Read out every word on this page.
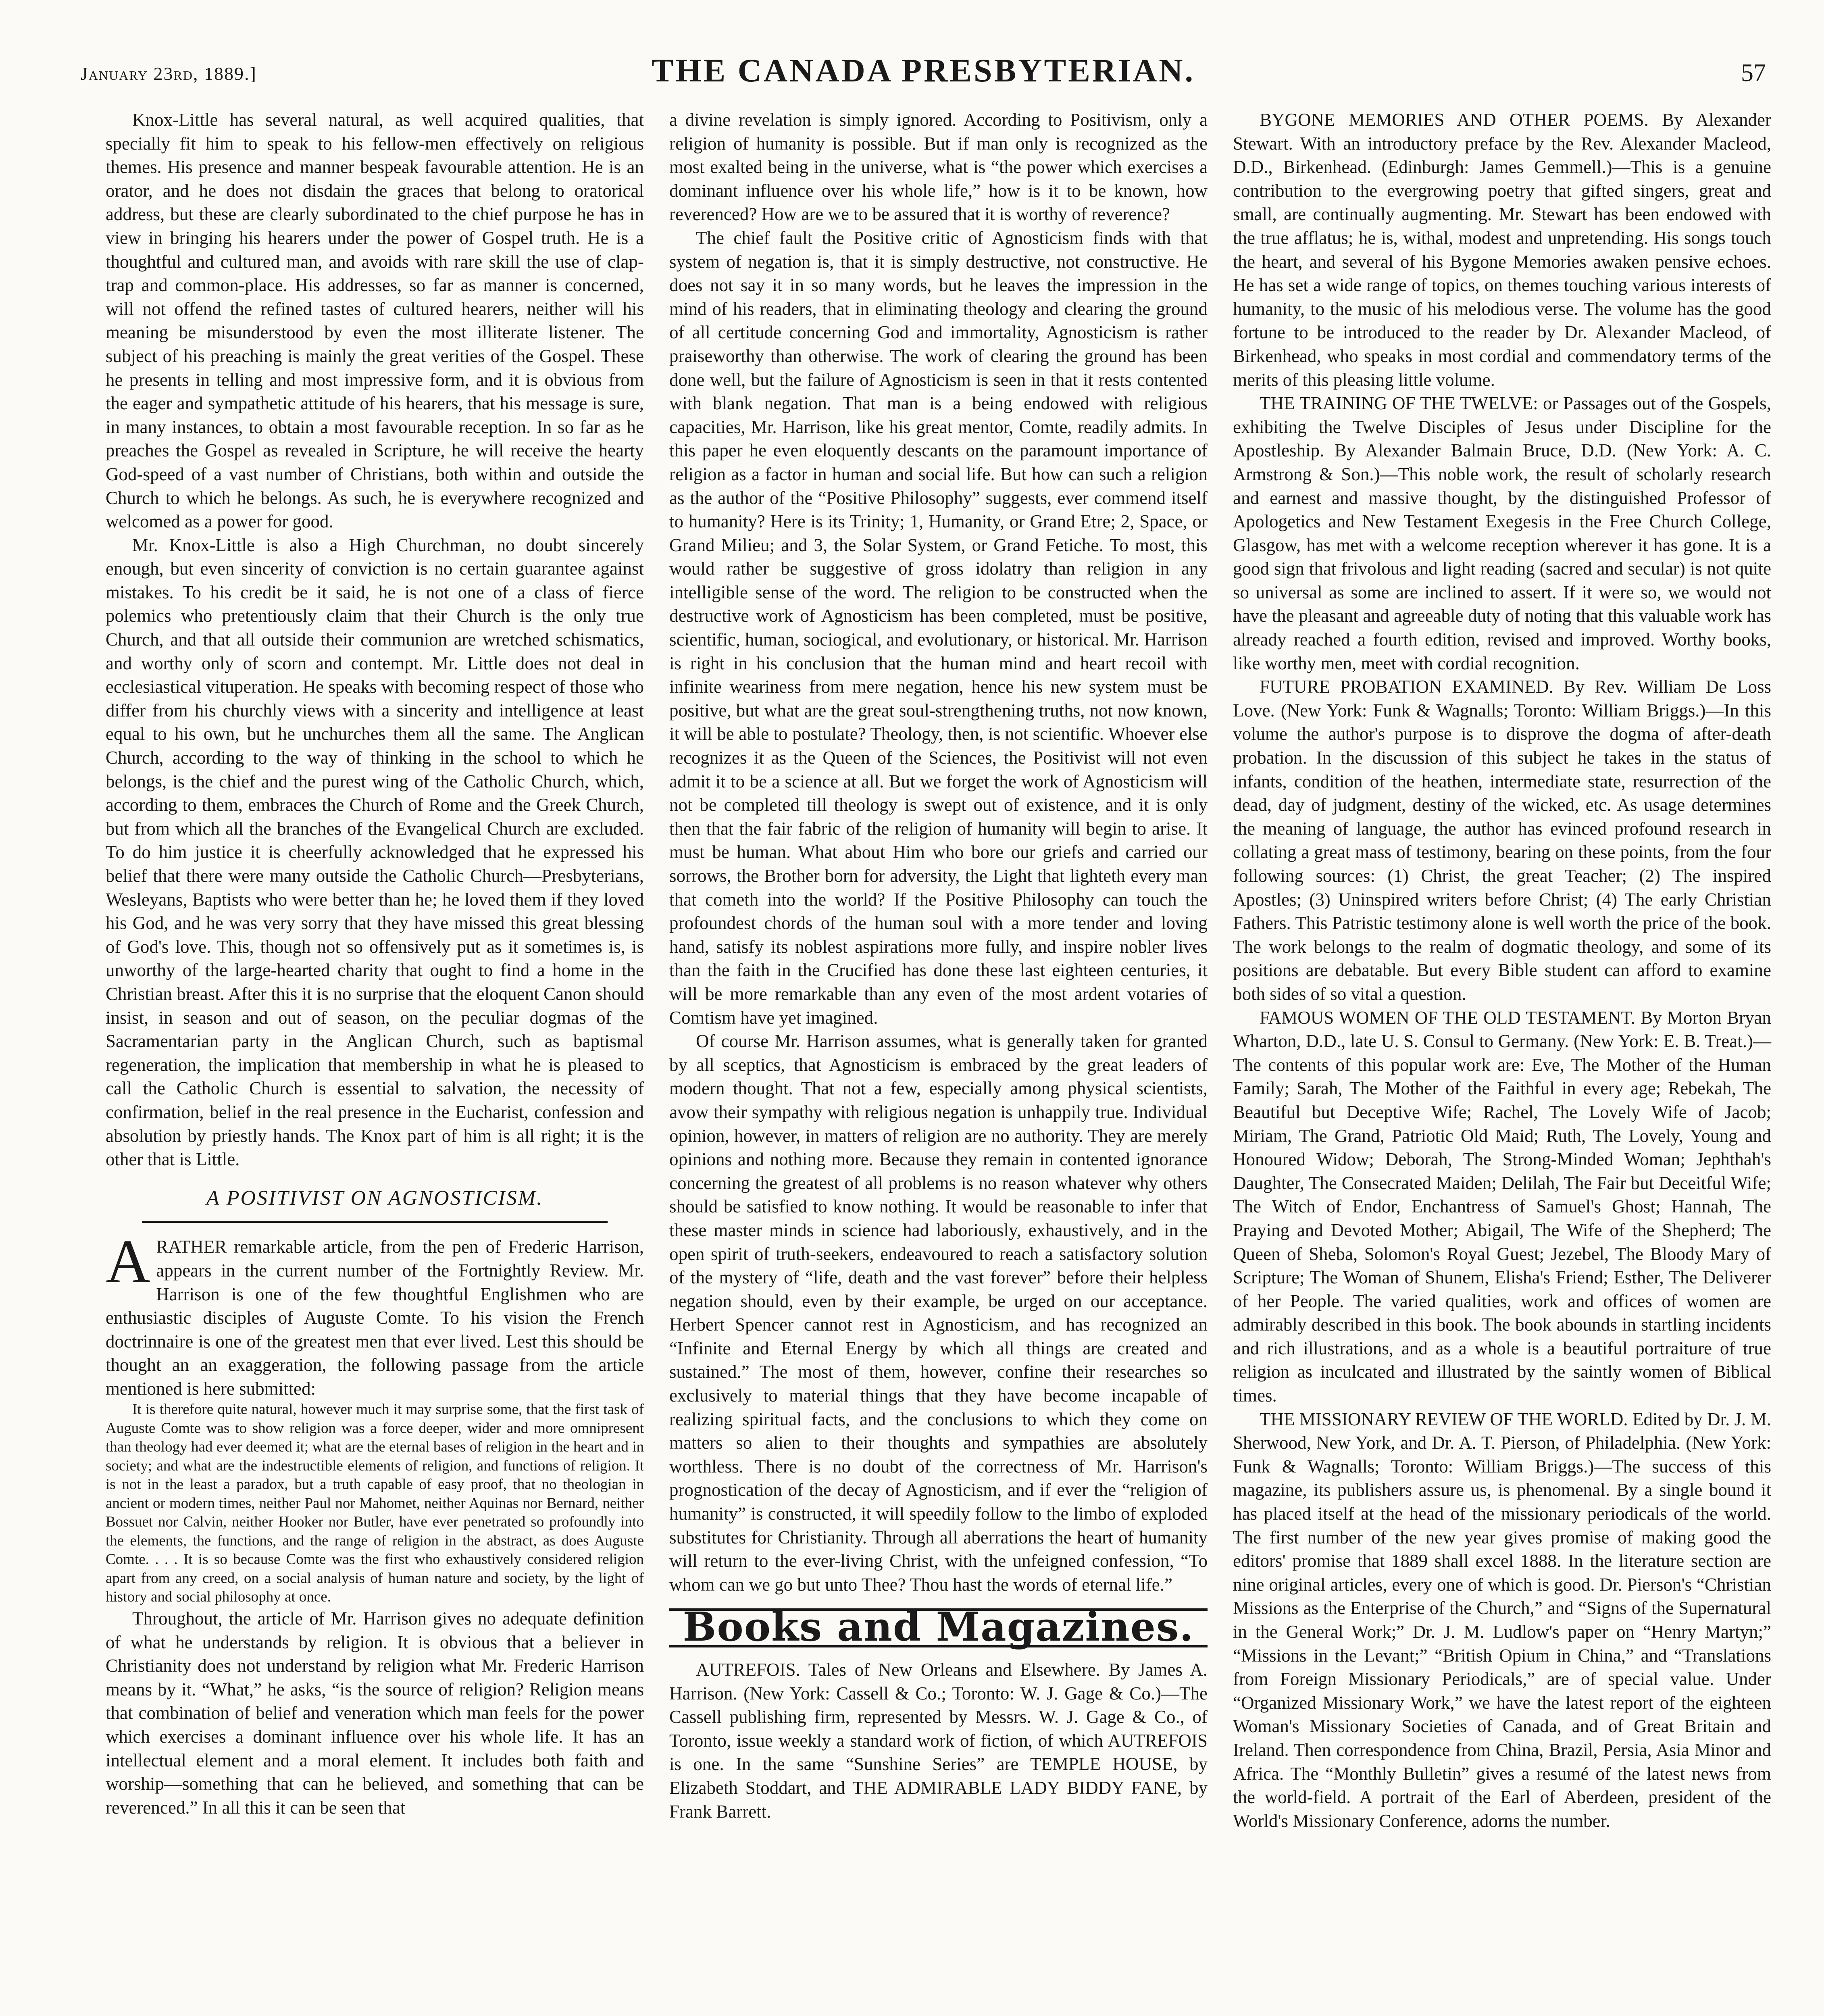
January 23rd, 1889.]	THE CANADA PRESBYTERIAN.	57

Knox-Little has several natural, as well acquired qualities, that specially fit him to speak to his fellow-men effectively on religious themes. His presence and manner bespeak favourable attention. He is an orator, and he does not disdain the graces that belong to oratorical address, but these are clearly subordinated to the chief purpose he has in view in bringing his hearers under the power of Gospel truth. He is a thoughtful and cultured man, and avoids with rare skill the use of clap-trap and common-place. His addresses, so far as manner is concerned, will not offend the refined tastes of cultured hearers, neither will his meaning be misunderstood by even the most illiterate listener. The subject of his preaching is mainly the great verities of the Gospel. These he presents in telling and most impressive form, and it is obvious from the eager and sympathetic attitude of his hearers, that his message is sure, in many instances, to obtain a most favourable reception. In so far as he preaches the Gospel as revealed in Scripture, he will receive the hearty God-speed of a vast number of Christians, both within and outside the Church to which he belongs. As such, he is everywhere recognized and welcomed as a power for good.

Mr. Knox-Little is also a High Churchman, no doubt sincerely enough, but even sincerity of conviction is no certain guarantee against mistakes. To his credit be it said, he is not one of a class of fierce polemics who pretentiously claim that their Church is the only true Church, and that all outside their communion are wretched schismatics, and worthy only of scorn and contempt. Mr. Little does not deal in ecclesiastical vituperation. He speaks with becoming respect of those who differ from his churchly views with a sincerity and intelligence at least equal to his own, but he unchurches them all the same. The Anglican Church, according to the way of thinking in the school to which he belongs, is the chief and the purest wing of the Catholic Church, which, according to them, embraces the Church of Rome and the Greek Church, but from which all the branches of the Evangelical Church are excluded. To do him justice it is cheerfully acknowledged that he expressed his belief that there were many outside the Catholic Church—Presbyterians, Wesleyans, Baptists who were better than he; he loved them if they loved his God, and he was very sorry that they have missed this great blessing of God's love. This, though not so offensively put as it sometimes is, is unworthy of the large-hearted charity that ought to find a home in the Christian breast. After this it is no surprise that the eloquent Canon should insist, in season and out of season, on the peculiar dogmas of the Sacramentarian party in the Anglican Church, such as baptismal regeneration, the implication that membership in what he is pleased to call the Catholic Church is essential to salvation, the necessity of confirmation, belief in the real presence in the Eucharist, confession and absolution by priestly hands. The Knox part of him is all right; it is the other that is Little.

A POSITIVIST ON AGNOSTICISM.

ARATHER remarkable article, from the pen of Frederic Harrison, appears in the current number of the Fortnightly Review. Mr. Harrison is one of the few thoughtful Englishmen who are enthusiastic disciples of Auguste Comte. To his vision the French doctrinnaire is one of the greatest men that ever lived. Lest this should be thought an an exaggeration, the following passage from the article mentioned is here submitted:

It is therefore quite natural, however much it may surprise some, that the first task of Auguste Comte was to show religion was a force deeper, wider and more omnipresent than theology had ever deemed it; what are the eternal bases of religion in the heart and in society; and what are the indestructible elements of religion, and functions of religion. It is not in the least a paradox, but a truth capable of easy proof, that no theologian in ancient or modern times, neither Paul nor Mahomet, neither Aquinas nor Bernard, neither Bossuet nor Calvin, neither Hooker nor Butler, have ever penetrated so profoundly into the elements, the functions, and the range of religion in the abstract, as does Auguste Comte. . . . It is so because Comte was the first who exhaustively considered religion apart from any creed, on a social analysis of human nature and society, by the light of history and social philosophy at once.

Throughout, the article of Mr. Harrison gives no adequate definition of what he understands by religion. It is obvious that a believer in Christianity does not understand by religion what Mr. Frederic Harrison means by it. “What,” he asks, “is the source of religion? Religion means that combination of belief and veneration which man feels for the power which exercises a dominant influence over his whole life. It has an intellectual element and a moral element. It includes both faith and worship—something that can he believed, and something that can be reverenced.” In all this it can be seen that

a divine revelation is simply ignored. According to Positivism, only a religion of humanity is possible. But if man only is recognized as the most exalted being in the universe, what is “the power which exercises a dominant influence over his whole life,” how is it to be known, how reverenced? How are we to be assured that it is worthy of reverence?

The chief fault the Positive critic of Agnosticism finds with that system of negation is, that it is simply destructive, not constructive. He does not say it in so many words, but he leaves the impression in the mind of his readers, that in eliminating theology and clearing the ground of all certitude concerning God and immortality, Agnosticism is rather praiseworthy than otherwise. The work of clearing the ground has been done well, but the failure of Agnosticism is seen in that it rests contented with blank negation. That man is a being endowed with religious capacities, Mr. Harrison, like his great mentor, Comte, readily admits. In this paper he even eloquently descants on the paramount importance of religion as a factor in human and social life. But how can such a religion as the author of the “Positive Philosophy” suggests, ever commend itself to humanity? Here is its Trinity; 1, Humanity, or Grand Etre; 2, Space, or Grand Milieu; and 3, the Solar System, or Grand Fetiche. To most, this would rather be suggestive of gross idolatry than religion in any intelligible sense of the word. The religion to be constructed when the destructive work of Agnosticism has been completed, must be positive, scientific, human, sociogical, and evolutionary, or historical. Mr. Harrison is right in his conclusion that the human mind and heart recoil with infinite weariness from mere negation, hence his new system must be positive, but what are the great soul-strengthening truths, not now known, it will be able to postulate? Theology, then, is not scientific. Whoever else recognizes it as the Queen of the Sciences, the Positivist will not even admit it to be a science at all. But we forget the work of Agnosticism will not be completed till theology is swept out of existence, and it is only then that the fair fabric of the religion of humanity will begin to arise. It must be human. What about Him who bore our griefs and carried our sorrows, the Brother born for adversity, the Light that lighteth every man that cometh into the world? If the Positive Philosophy can touch the profoundest chords of the human soul with a more tender and loving hand, satisfy its noblest aspirations more fully, and inspire nobler lives than the faith in the Crucified has done these last eighteen centuries, it will be more remarkable than any even of the most ardent votaries of Comtism have yet imagined.

Of course Mr. Harrison assumes, what is generally taken for granted by all sceptics, that Agnosticism is embraced by the great leaders of modern thought. That not a few, especially among physical scientists, avow their sympathy with religious negation is unhappily true. Individual opinion, however, in matters of religion are no authority. They are merely opinions and nothing more. Because they remain in contented ignorance concerning the greatest of all problems is no reason whatever why others should be satisfied to know nothing. It would be reasonable to infer that these master minds in science had laboriously, exhaustively, and in the open spirit of truth-seekers, endeavoured to reach a satisfactory solution of the mystery of “life, death and the vast forever” before their helpless negation should, even by their example, be urged on our acceptance. Herbert Spencer cannot rest in Agnosticism, and has recognized an “Infinite and Eternal Energy by which all things are created and sustained.” The most of them, however, confine their researches so exclusively to material things that they have become incapable of realizing spiritual facts, and the conclusions to which they come on matters so alien to their thoughts and sympathies are absolutely worthless. There is no doubt of the correctness of Mr. Harrison's prognostication of the decay of Agnosticism, and if ever the “religion of humanity” is constructed, it will speedily follow to the limbo of exploded substitutes for Christianity. Through all aberrations the heart of humanity will return to the ever-living Christ, with the unfeigned confession, “To whom can we go but unto Thee? Thou hast the words of eternal life.”

Books and Magazines.

AUTREFOIS. Tales of New Orleans and Elsewhere. By James A. Harrison. (New York: Cassell & Co.; Toronto: W. J. Gage & Co.)—The Cassell publishing firm, represented by Messrs. W. J. Gage & Co., of Toronto, issue weekly a standard work of fiction, of which AUTREFOIS is one. In the same “Sunshine Series” are TEMPLE HOUSE, by Elizabeth Stoddart, and THE ADMIRABLE LADY BIDDY FANE, by Frank Barrett.

BYGONE MEMORIES AND OTHER POEMS. By Alexander Stewart. With an introductory preface by the Rev. Alexander Macleod, D.D., Birkenhead. (Edinburgh: James Gemmell.)—This is a genuine contribution to the evergrowing poetry that gifted singers, great and small, are continually augmenting. Mr. Stewart has been endowed with the true afflatus; he is, withal, modest and unpretending. His songs touch the heart, and several of his Bygone Memories awaken pensive echoes. He has set a wide range of topics, on themes touching various interests of humanity, to the music of his melodious verse. The volume has the good fortune to be introduced to the reader by Dr. Alexander Macleod, of Birkenhead, who speaks in most cordial and commendatory terms of the merits of this pleasing little volume.

THE TRAINING OF THE TWELVE: or Passages out of the Gospels, exhibiting the Twelve Disciples of Jesus under Discipline for the Apostleship. By Alexander Balmain Bruce, D.D. (New York: A. C. Armstrong & Son.)—This noble work, the result of scholarly research and earnest and massive thought, by the distinguished Professor of Apologetics and New Testament Exegesis in the Free Church College, Glasgow, has met with a welcome reception wherever it has gone. It is a good sign that frivolous and light reading (sacred and secular) is not quite so universal as some are inclined to assert. If it were so, we would not have the pleasant and agreeable duty of noting that this valuable work has already reached a fourth edition, revised and improved. Worthy books, like worthy men, meet with cordial recognition.

FUTURE PROBATION EXAMINED. By Rev. William De Loss Love. (New York: Funk & Wagnalls; Toronto: William Briggs.)—In this volume the author's purpose is to disprove the dogma of after-death probation. In the discussion of this subject he takes in the status of infants, condition of the heathen, intermediate state, resurrection of the dead, day of judgment, destiny of the wicked, etc. As usage determines the meaning of language, the author has evinced profound research in collating a great mass of testimony, bearing on these points, from the four following sources: (1) Christ, the great Teacher; (2) The inspired Apostles; (3) Uninspired writers before Christ; (4) The early Christian Fathers. This Patristic testimony alone is well worth the price of the book. The work belongs to the realm of dogmatic theology, and some of its positions are debatable. But every Bible student can afford to examine both sides of so vital a question.

FAMOUS WOMEN OF THE OLD TESTAMENT. By Morton Bryan Wharton, D.D., late U. S. Consul to Germany. (New York: E. B. Treat.)—The contents of this popular work are: Eve, The Mother of the Human Family; Sarah, The Mother of the Faithful in every age; Rebekah, The Beautiful but Deceptive Wife; Rachel, The Lovely Wife of Jacob; Miriam, The Grand, Patriotic Old Maid; Ruth, The Lovely, Young and Honoured Widow; Deborah, The Strong-Minded Woman; Jephthah's Daughter, The Consecrated Maiden; Delilah, The Fair but Deceitful Wife; The Witch of Endor, Enchantress of Samuel's Ghost; Hannah, The Praying and Devoted Mother; Abigail, The Wife of the Shepherd; The Queen of Sheba, Solomon's Royal Guest; Jezebel, The Bloody Mary of Scripture; The Woman of Shunem, Elisha's Friend; Esther, The Deliverer of her People. The varied qualities, work and offices of women are admirably described in this book. The book abounds in startling incidents and rich illustrations, and as a whole is a beautiful portraiture of true religion as inculcated and illustrated by the saintly women of Biblical times.

THE MISSIONARY REVIEW OF THE WORLD. Edited by Dr. J. M. Sherwood, New York, and Dr. A. T. Pierson, of Philadelphia. (New York: Funk & Wagnalls; Toronto: William Briggs.)—The success of this magazine, its publishers assure us, is phenomenal. By a single bound it has placed itself at the head of the missionary periodicals of the world. The first number of the new year gives promise of making good the editors' promise that 1889 shall excel 1888. In the literature section are nine original articles, every one of which is good. Dr. Pierson's “Christian Missions as the Enterprise of the Church,” and “Signs of the Supernatural in the General Work;” Dr. J. M. Ludlow's paper on “Henry Martyn;” “Missions in the Levant;” “British Opium in China,” and “Translations from Foreign Missionary Periodicals,” are of special value. Under “Organized Missionary Work,” we have the latest report of the eighteen Woman's Missionary Societies of Canada, and of Great Britain and Ireland. Then correspondence from China, Brazil, Persia, Asia Minor and Africa. The “Monthly Bulletin” gives a resumé of the latest news from the world-field. A portrait of the Earl of Aberdeen, president of the World's Missionary Conference, adorns the number.
